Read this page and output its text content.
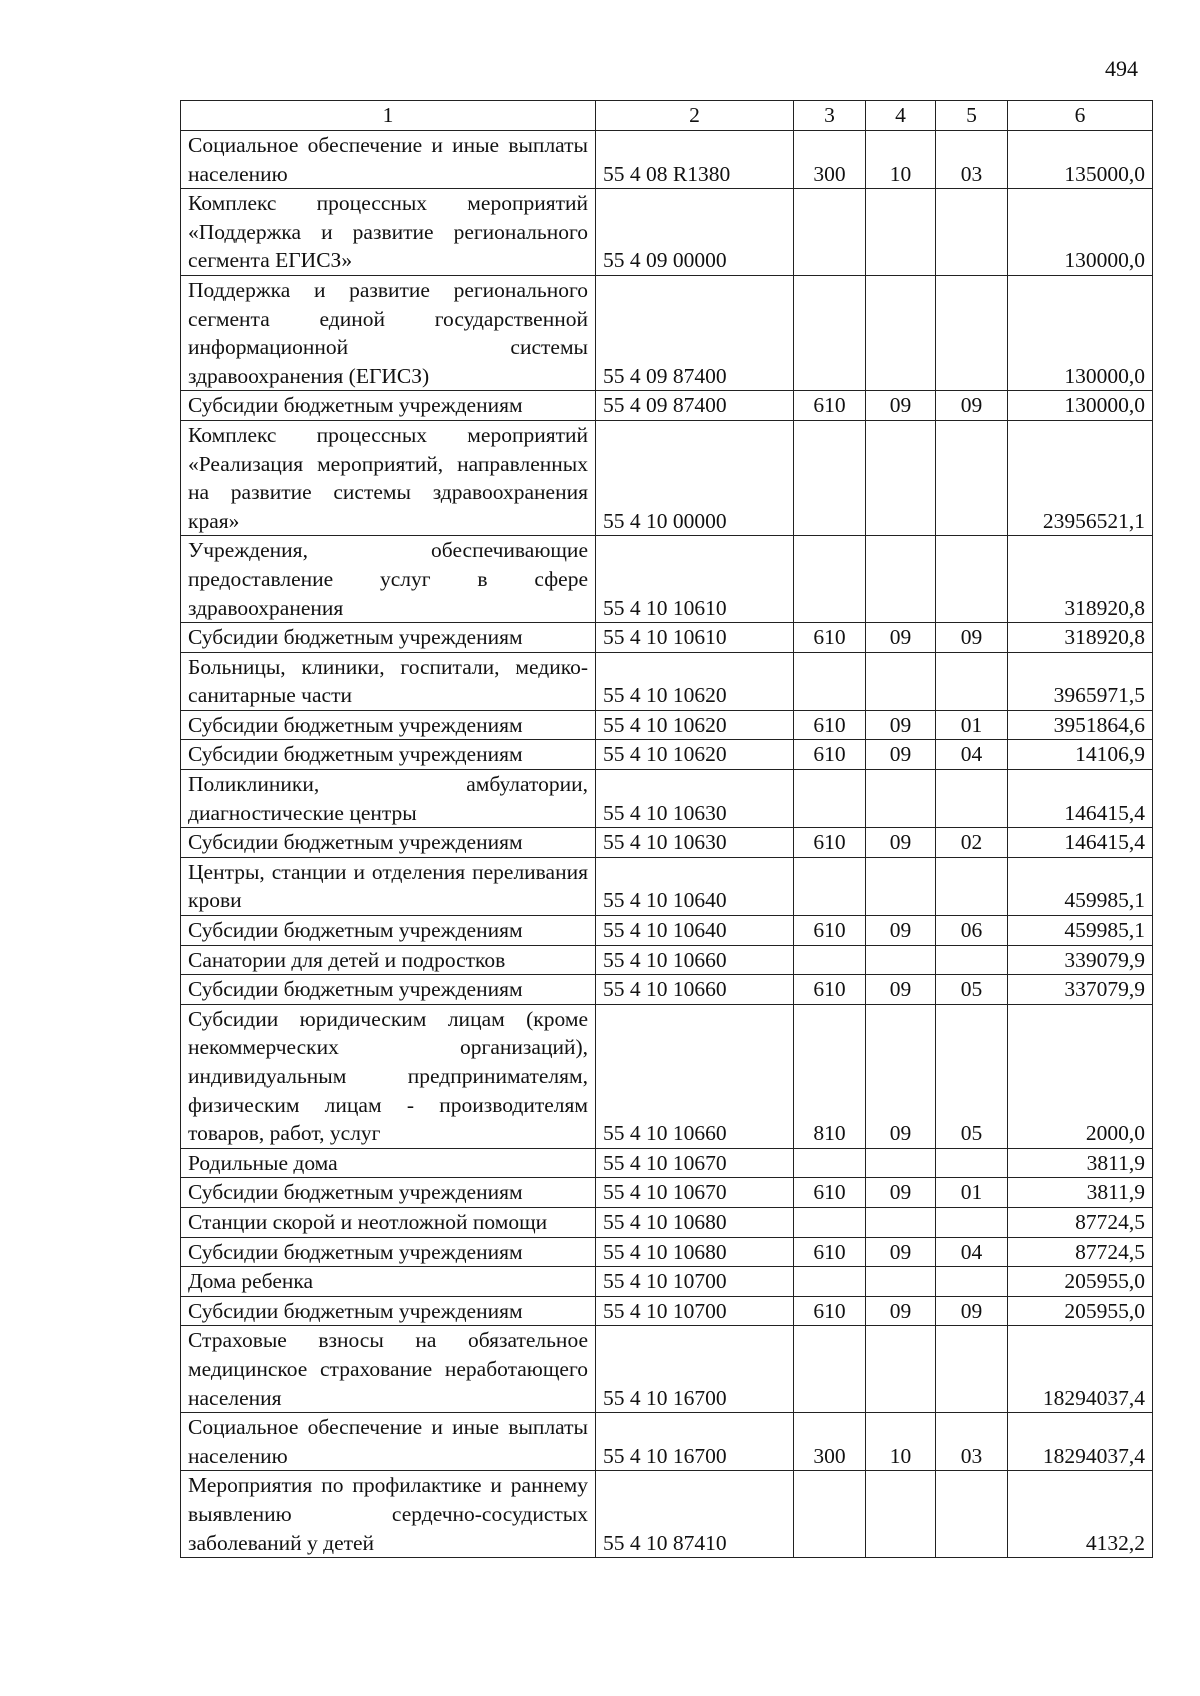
494
1	2	3	4	5	6
Социальное обеспечение и иные выплаты населению	55 4 08 R1380	300	10	03	135000,0
Комплекс процессных мероприятий «Поддержка и развитие регионального сегмента ЕГИСЗ»	55 4 09 00000				130000,0
Поддержка и развитие регионального сегмента единой государственной информационной системы здравоохранения (ЕГИСЗ)	55 4 09 87400				130000,0
Субсидии бюджетным учреждениям	55 4 09 87400	610	09	09	130000,0
Комплекс процессных мероприятий «Реализация мероприятий, направленных на развитие системы здравоохранения края»	55 4 10 00000				23956521,1
Учреждения, обеспечивающие предоставление услуг в сфере здравоохранения	55 4 10 10610				318920,8
Субсидии бюджетным учреждениям	55 4 10 10610	610	09	09	318920,8
Больницы, клиники, госпитали, медико-санитарные части	55 4 10 10620				3965971,5
Субсидии бюджетным учреждениям	55 4 10 10620	610	09	01	3951864,6
Субсидии бюджетным учреждениям	55 4 10 10620	610	09	04	14106,9
Поликлиники, амбулатории, диагностические центры	55 4 10 10630				146415,4
Субсидии бюджетным учреждениям	55 4 10 10630	610	09	02	146415,4
Центры, станции и отделения переливания крови	55 4 10 10640				459985,1
Субсидии бюджетным учреждениям	55 4 10 10640	610	09	06	459985,1
Санатории для детей и подростков	55 4 10 10660				339079,9
Субсидии бюджетным учреждениям	55 4 10 10660	610	09	05	337079,9
Субсидии юридическим лицам (кроме некоммерческих организаций), индивидуальным предпринимателям, физическим лицам - производителям товаров, работ, услуг	55 4 10 10660	810	09	05	2000,0
Родильные дома	55 4 10 10670				3811,9
Субсидии бюджетным учреждениям	55 4 10 10670	610	09	01	3811,9
Станции скорой и неотложной помощи	55 4 10 10680				87724,5
Субсидии бюджетным учреждениям	55 4 10 10680	610	09	04	87724,5
Дома ребенка	55 4 10 10700				205955,0
Субсидии бюджетным учреждениям	55 4 10 10700	610	09	09	205955,0
Страховые взносы на обязательное медицинское страхование неработающего населения	55 4 10 16700				18294037,4
Социальное обеспечение и иные выплаты населению	55 4 10 16700	300	10	03	18294037,4
Мероприятия по профилактике и раннему выявлению сердечно-сосудистых заболеваний у детей	55 4 10 87410				4132,2
